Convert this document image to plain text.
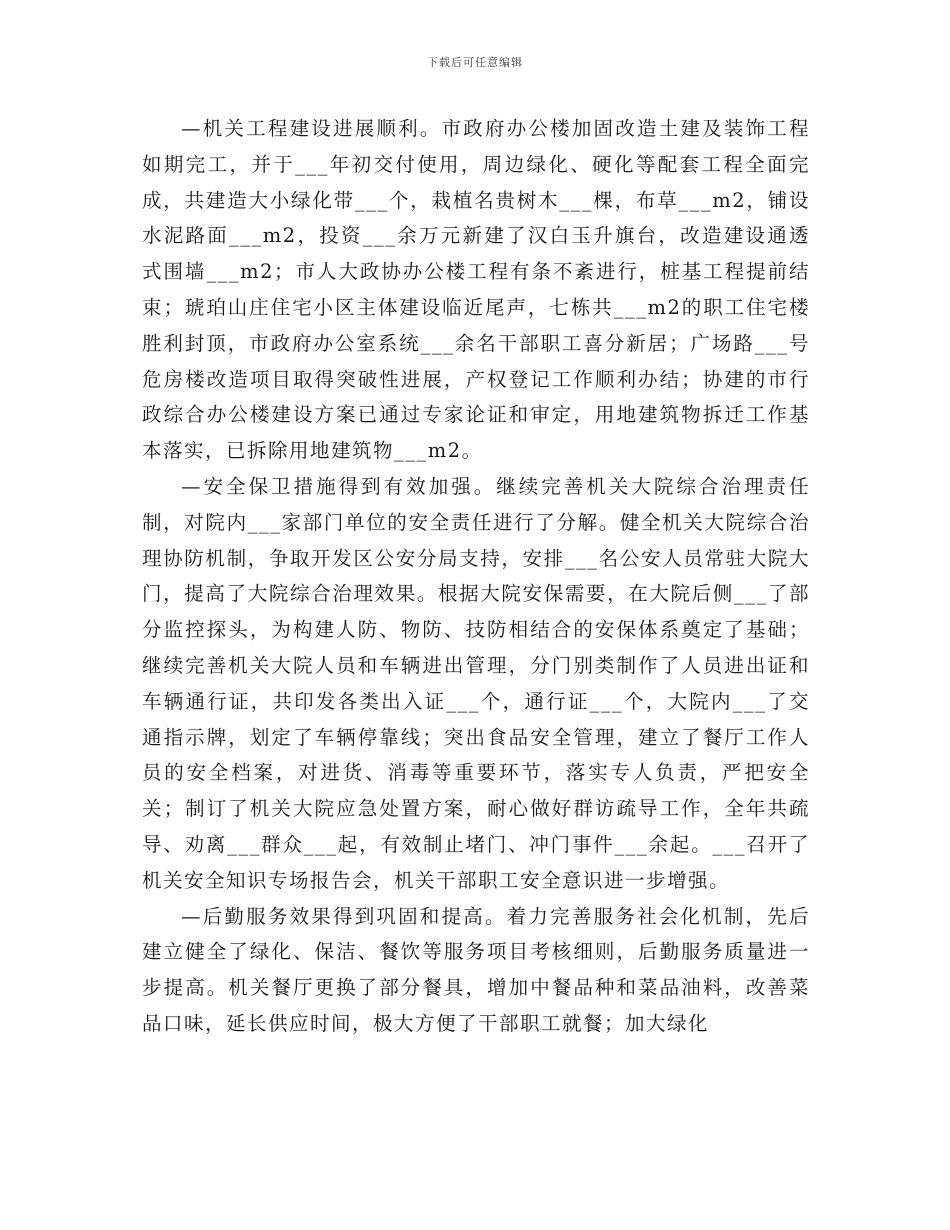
下载后可任意编辑

—机关工程建设进展顺利。市政府办公楼加固改造土建及装饰工程如期完工，并于___年初交付使用，周边绿化、硬化等配套工程全面完成，共建造大小绿化带___个，栽植名贵树木___棵，布草___m2，铺设水泥路面___m2，投资___余万元新建了汉白玉升旗台，改造建设通透式围墙___m2；市人大政协办公楼工程有条不紊进行，桩基工程提前结束；琥珀山庄住宅小区主体建设临近尾声，七栋共___m2的职工住宅楼胜利封顶，市政府办公室系统___余名干部职工喜分新居；广场路___号危房楼改造项目取得突破性进展，产权登记工作顺利办结；协建的市行政综合办公楼建设方案已通过专家论证和审定，用地建筑物拆迁工作基本落实，已拆除用地建筑物___m2。

—安全保卫措施得到有效加强。继续完善机关大院综合治理责任制，对院内___家部门单位的安全责任进行了分解。健全机关大院综合治理协防机制，争取开发区公安分局支持，安排___名公安人员常驻大院大门，提高了大院综合治理效果。根据大院安保需要，在大院后侧___了部分监控探头，为构建人防、物防、技防相结合的安保体系奠定了基础；继续完善机关大院人员和车辆进出管理，分门别类制作了人员进出证和车辆通行证，共印发各类出入证___个，通行证___个，大院内___了交通指示牌，划定了车辆停靠线；突出食品安全管理，建立了餐厅工作人员的安全档案，对进货、消毒等重要环节，落实专人负责，严把安全关；制订了机关大院应急处置方案，耐心做好群访疏导工作，全年共疏导、劝离___群众___起，有效制止堵门、冲门事件___余起。___召开了机关安全知识专场报告会，机关干部职工安全意识进一步增强。

—后勤服务效果得到巩固和提高。着力完善服务社会化机制，先后建立健全了绿化、保洁、餐饮等服务项目考核细则，后勤服务质量进一步提高。机关餐厅更换了部分餐具，增加中餐品种和菜品油料，改善菜品口味，延长供应时间，极大方便了干部职工就餐；加大绿化
